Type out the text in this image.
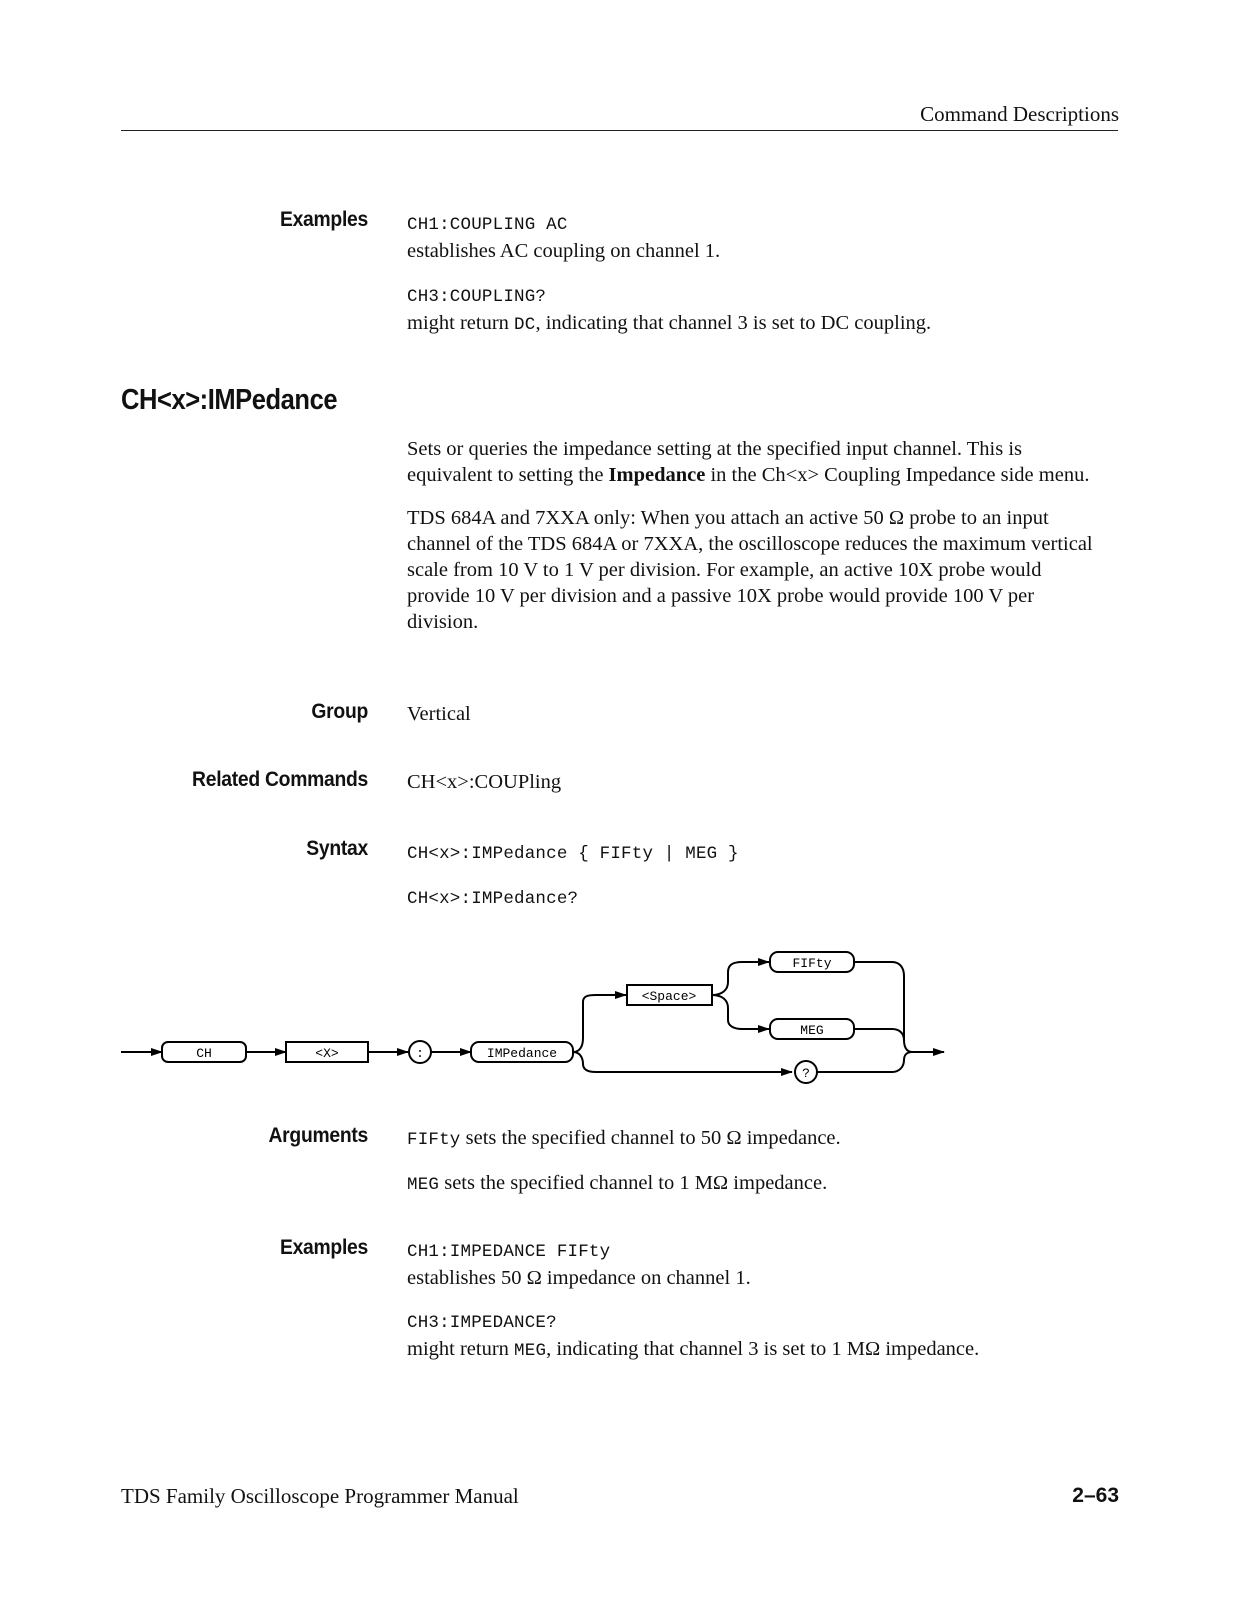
Command Descriptions
Examples CH1:COUPLING AC

establishes AC coupling on channel 1.

CH3:COUPLING?

might return DC, indicating that channel 3 is set to DC coupling.

CH<x>:IMPedance

Sets or queries the impedance setting at the specified input channel. This is equivalent to setting the Impedance in the Ch<x> Coupling Impedance side menu.

TDS 684A and 7XXA only: When you attach an active 50 Ω probe to an input channel of the TDS 684A or 7XXA, the oscilloscope reduces the maximum vertical scale from 10 V to 1 V per division. For example, an active 10X probe would provide 10 V per division and a passive 10X probe would provide 100 V per division.

Group Vertical
Related Commands CH<x>:COUPling
Syntax CH<x>:IMPedance { FIFty | MEG }

CH<x>:IMPedance?

CH	<X>	:	IMPedance
<Space>
FIFty
MEG
?
Arguments FIFty sets the specified channel to 50 Ω impedance.

MEG sets the specified channel to 1 MΩ impedance.

Examples CH1:IMPEDANCE FIFty

establishes 50 Ω impedance on channel 1.

CH3:IMPEDANCE?

might return MEG, indicating that channel 3 is set to 1 MΩ impedance.

TDS Family Oscilloscope Programmer Manual	2–63
